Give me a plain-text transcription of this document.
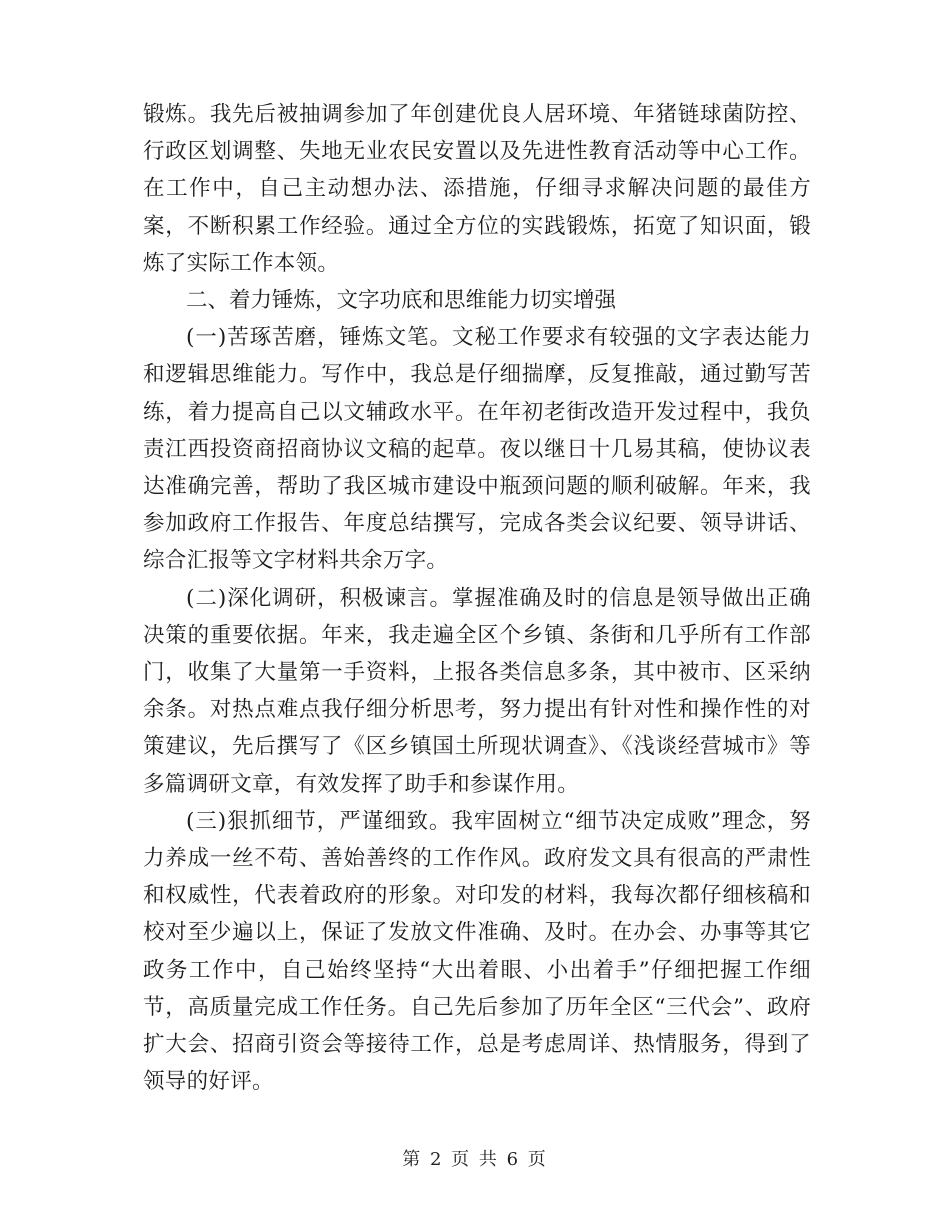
锻炼。我先后被抽调参加了年创建优良人居环境、年猪链球菌防控、行政区划调整、失地无业农民安置以及先进性教育活动等中心工作。在工作中，自己主动想办法、添措施，仔细寻求解决问题的最佳方案，不断积累工作经验。通过全方位的实践锻炼，拓宽了知识面，锻炼了实际工作本领。

二、着力锤炼，文字功底和思维能力切实增强

(一)苦琢苦磨，锤炼文笔。文秘工作要求有较强的文字表达能力和逻辑思维能力。写作中，我总是仔细揣摩，反复推敲，通过勤写苦练，着力提高自己以文辅政水平。在年初老街改造开发过程中，我负责江西投资商招商协议文稿的起草。夜以继日十几易其稿，使协议表达准确完善，帮助了我区城市建设中瓶颈问题的顺利破解。年来，我参加政府工作报告、年度总结撰写，完成各类会议纪要、领导讲话、综合汇报等文字材料共余万字。

(二)深化调研，积极谏言。掌握准确及时的信息是领导做出正确决策的重要依据。年来，我走遍全区个乡镇、条街和几乎所有工作部门，收集了大量第一手资料，上报各类信息多条，其中被市、区采纳余条。对热点难点我仔细分析思考，努力提出有针对性和操作性的对策建议，先后撰写了《区乡镇国土所现状调查》、《浅谈经营城市》等多篇调研文章，有效发挥了助手和参谋作用。

(三)狠抓细节，严谨细致。我牢固树立“细节决定成败”理念，努力养成一丝不苟、善始善终的工作作风。政府发文具有很高的严肃性和权威性，代表着政府的形象。对印发的材料，我每次都仔细核稿和校对至少遍以上，保证了发放文件准确、及时。在办会、办事等其它政务工作中，自己始终坚持“大出着眼、小出着手”仔细把握工作细节，高质量完成工作任务。自己先后参加了历年全区“三代会”、政府扩大会、招商引资会等接待工作，总是考虑周详、热情服务，得到了领导的好评。

第 2 页 共 6 页
